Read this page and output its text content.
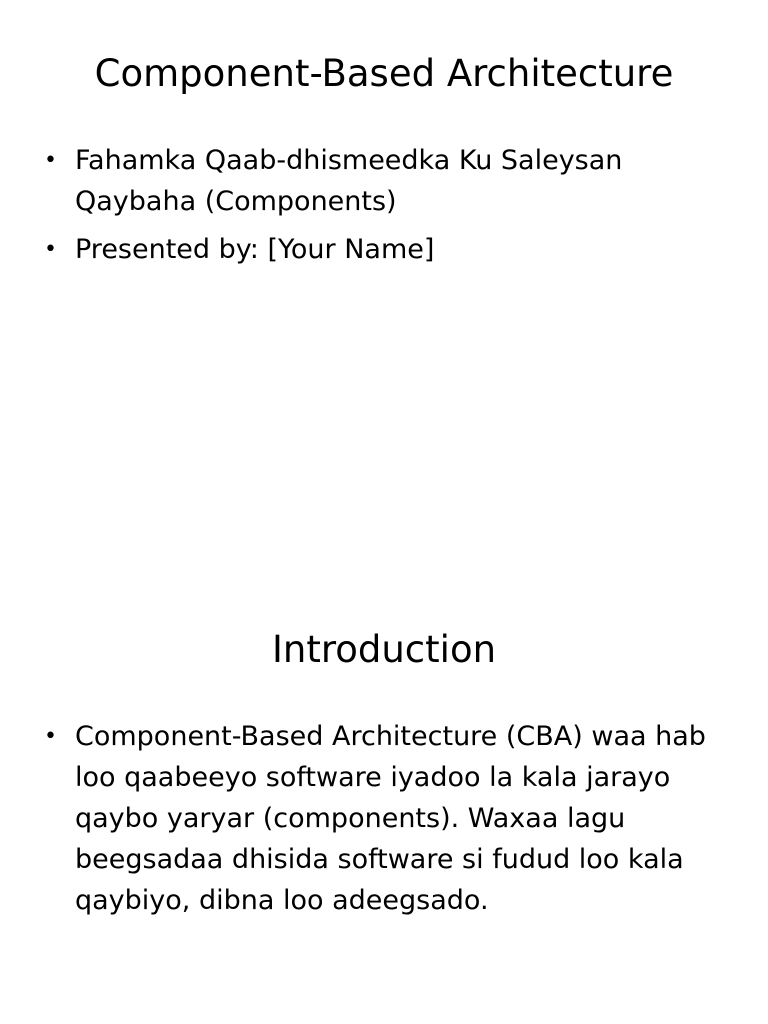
Component-Based Architecture
• Fahamka Qaab-dhismeedka Ku Saleysan Qaybaha (Components)
• Presented by: [Your Name]
Introduction
• Component-Based Architecture (CBA) waa hab loo qaabeeyo software iyadoo la kala jarayo qaybo yaryar (components). Waxaa lagu beegsadaa dhisida software si fudud loo kala qaybiyo, dibna loo adeegsado.
